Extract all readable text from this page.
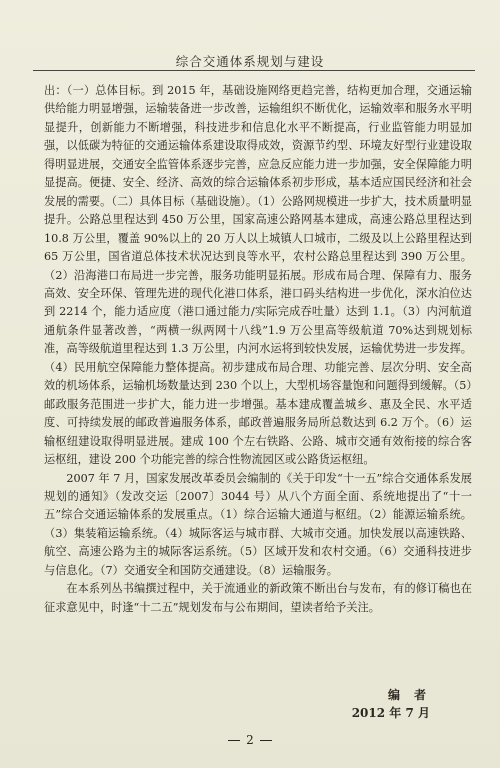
综合交通体系规划与建设

出：（一）总体目标。到 2015 年，基础设施网络更趋完善，结构更加合理，交通运输供给能力明显增强，运输装备进一步改善，运输组织不断优化，运输效率和服务水平明显提升，创新能力不断增强，科技进步和信息化水平不断提高，行业监管能力明显加强，以低碳为特征的交通运输体系建设取得成效，资源节约型、环境友好型行业建设取得明显进展，交通安全监管体系逐步完善，应急反应能力进一步加强，安全保障能力明显提高。便捷、安全、经济、高效的综合运输体系初步形成，基本适应国民经济和社会发展的需要。（二）具体目标（基础设施）。（1）公路网规模进一步扩大，技术质量明显提升。公路总里程达到 450 万公里，国家高速公路网基本建成，高速公路总里程达到 10.8 万公里，覆盖 90%以上的 20 万人以上城镇人口城市，二级及以上公路里程达到 65 万公里，国省道总体技术状况达到良等水平，农村公路总里程达到 390 万公里。（2）沿海港口布局进一步完善，服务功能明显拓展。形成布局合理、保障有力、服务高效、安全环保、管理先进的现代化港口体系，港口码头结构进一步优化，深水泊位达到 2214 个，能力适应度（港口通过能力/实际完成吞吐量）达到 1.1。（3）内河航道通航条件显著改善，“两横一纵两网十八线”1.9 万公里高等级航道 70%达到规划标准，高等级航道里程达到 1.3 万公里，内河水运将到较快发展，运输优势进一步发挥。（4）民用航空保障能力整体提高。初步建成布局合理、功能完善、层次分明、安全高效的机场体系，运输机场数量达到 230 个以上，大型机场容量饱和问题得到缓解。（5）邮政服务范围进一步扩大，能力进一步增强。基本建成覆盖城乡、惠及全民、水平适度、可持续发展的邮政普遍服务体系，邮政普遍服务局所总数达到 6.2 万个。（6）运输枢纽建设取得明显进展。建成 100 个左右铁路、公路、城市交通有效衔接的综合客运枢纽，建设 200 个功能完善的综合性物流园区或公路货运枢纽。

2007 年 7 月，国家发展改革委员会编制的《关于印发“十一五”综合交通体系发展规划的通知》（发改交运〔2007〕3044 号）从八个方面全面、系统地提出了“十一五”综合交通运输体系的发展重点。（1）综合运输大通道与枢纽。（2）能源运输系统。（3）集装箱运输系统。（4）城际客运与城市群、大城市交通。加快发展以高速铁路、航空、高速公路为主的城际客运系统。（5）区域开发和农村交通。（6）交通科技进步与信息化。（7）交通安全和国防交通建设。（8）运输服务。

在本系列丛书编撰过程中，关于流通业的新政策不断出台与发布，有的修订稿也在征求意见中，时逢“十二五”规划发布与公布期间，望读者给予关注。

编者
2012 年 7 月
2
